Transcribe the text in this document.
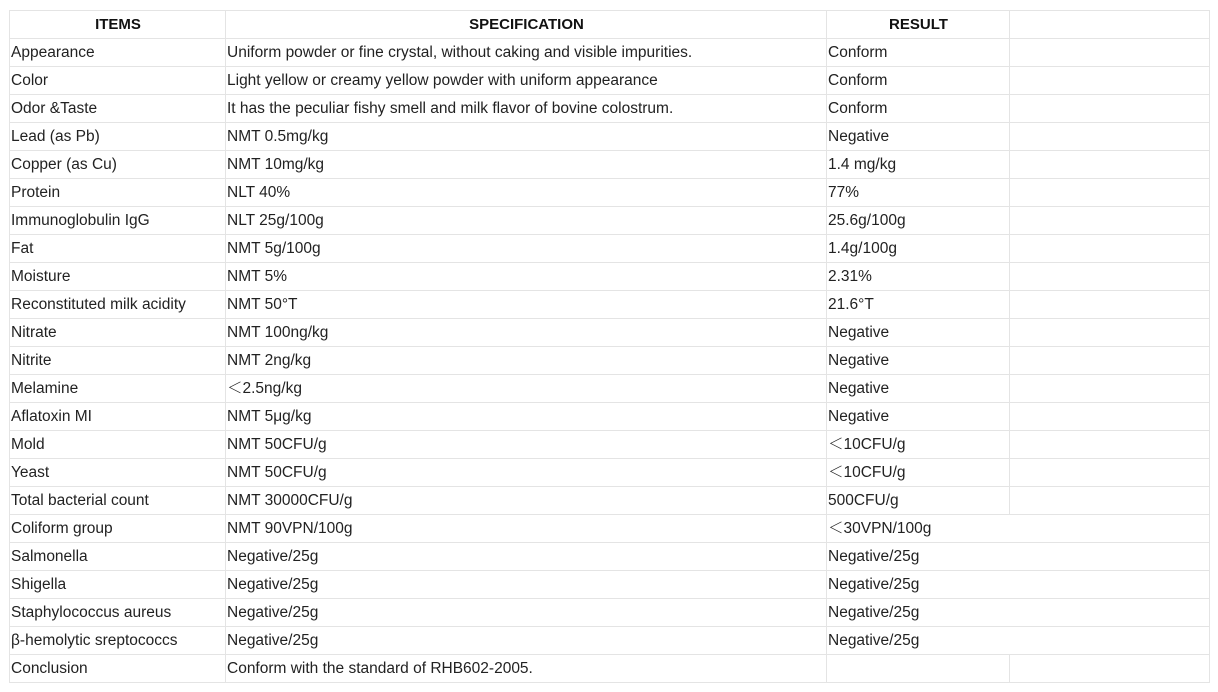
ITEMS	SPECIFICATION	RESULT	
Appearance	Uniform powder or fine crystal, without caking and visible impurities.	Conform	
Color	Light yellow or creamy yellow powder with uniform appearance	Conform	
Odor &Taste	It has the peculiar fishy smell and milk flavor of bovine colostrum.	Conform	
Lead (as Pb)	NMT 0.5mg/kg	Negative	
Copper (as Cu)	NMT 10mg/kg	1.4 mg/kg	
Protein	NLT 40%	77%	
Immunoglobulin IgG	NLT 25g/100g	25.6g/100g	
Fat	NMT 5g/100g	1.4g/100g	
Moisture	NMT 5%	2.31%	
Reconstituted milk acidity	NMT 50°T	21.6°T	
Nitrate	NMT 100ng/kg	Negative	
Nitrite	NMT 2ng/kg	Negative	
Melamine	＜2.5ng/kg	Negative	
Aflatoxin MI	NMT 5μg/kg	Negative	
Mold	NMT 50CFU/g	＜10CFU/g	
Yeast	NMT 50CFU/g	＜10CFU/g	
Total bacterial count	NMT 30000CFU/g	500CFU/g	
Coliform group	NMT 90VPN/100g	＜30VPN/100g	
Salmonella	Negative/25g	Negative/25g	
Shigella	Negative/25g	Negative/25g	
Staphylococcus aureus	Negative/25g	Negative/25g	
β-hemolytic sreptococcs	Negative/25g	Negative/25g	
Conclusion	Conform with the standard of RHB602-2005.		
